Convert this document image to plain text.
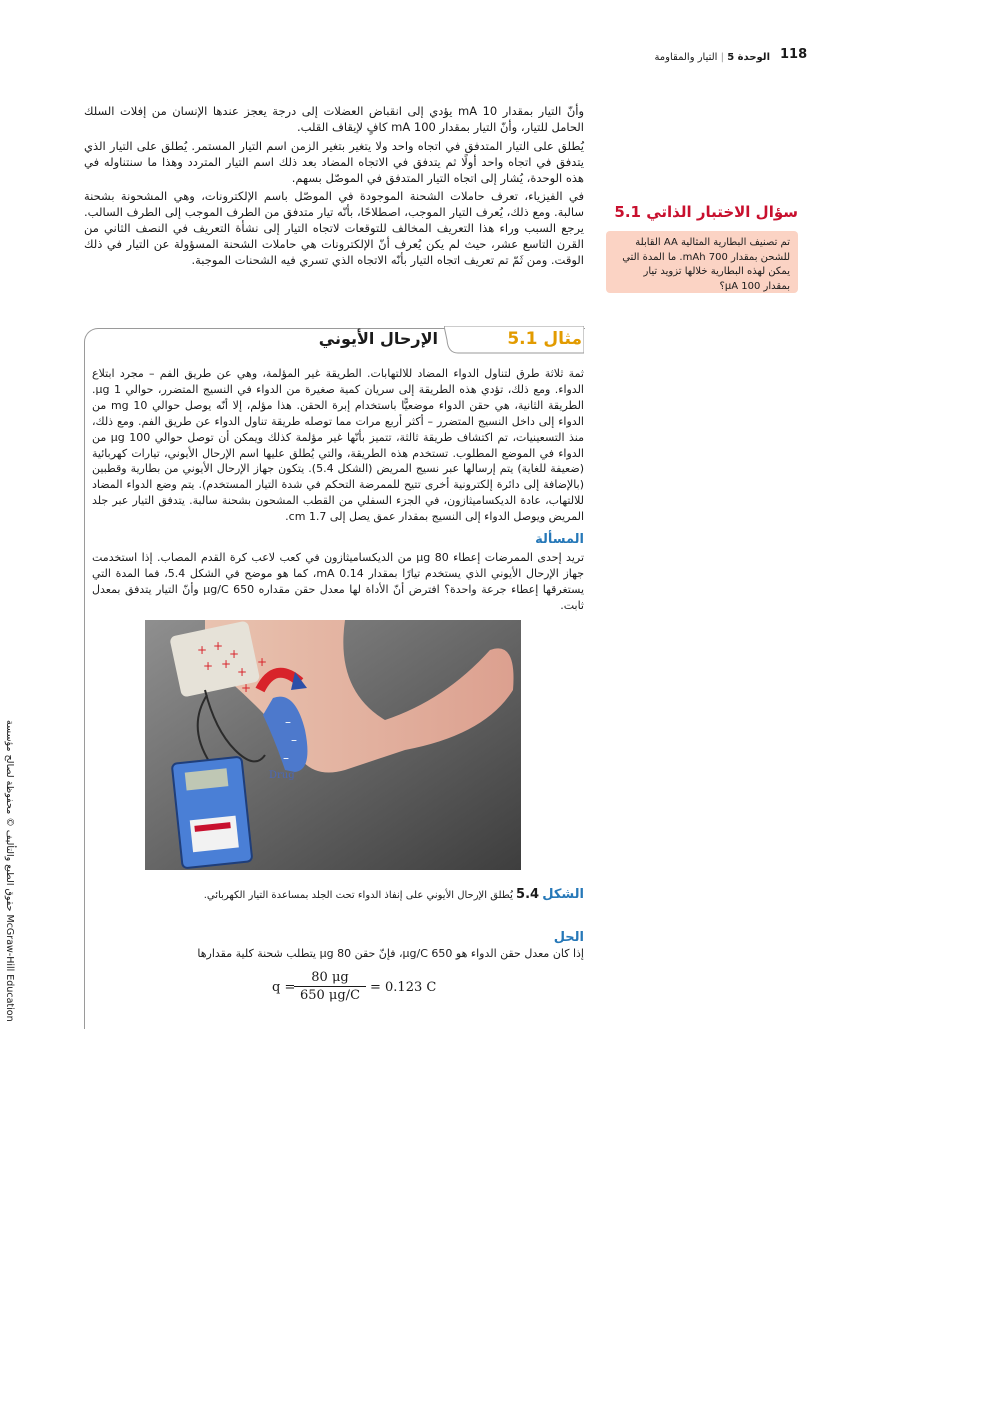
118
الوحدة 5 | التيار والمقاومة
حقوق الطبع والتأليف © محفوظة لصالح مؤسسة McGraw-Hill Education
وأنّ التيار بمقدار 10 mA يؤدي إلى انقباض العضلات إلى درجة يعجز عندها الإنسان من إفلات السلك الحامل للتيار، وأنّ التيار بمقدار 100 mA كافٍ لإيقاف القلب.
يُطلق على التيار المتدفق في اتجاه واحد ولا يتغير بتغير الزمن اسم التيار المستمر. يُطلق على التيار الذي يتدفق في اتجاه واحد أولًا ثم يتدفق في الاتجاه المضاد بعد ذلك اسم التيار المتردد وهذا ما سنتناوله في هذه الوحدة، يُشار إلى اتجاه التيار المتدفق في الموصّل بسهم.
في الفيزياء، تعرف حاملات الشحنة الموجودة في الموصّل باسم الإلكترونات، وهي المشحونة بشحنة سالبة. ومع ذلك، يُعرف التيار الموجب، اصطلاحًا، بأنّه تيار متدفق من الطرف الموجب إلى الطرف السالب. يرجع السبب وراء هذا التعريف المخالف للتوقعات لاتجاه التيار إلى نشأة التعريف في النصف الثاني من القرن التاسع عشر، حيث لم يكن يُعرف أنّ الإلكترونات هي حاملات الشحنة المسؤولة عن التيار في ذلك الوقت. ومن ثَمّ تم تعريف اتجاه التيار بأنّه الاتجاه الذي تسري فيه الشحنات الموجبة.
سؤال الاختبار الذاتي 5.1
تم تصنيف البطارية المثالية AA القابلة للشحن بمقدار 700 mAh. ما المدة التي يمكن لهذه البطارية خلالها تزويد تيار بمقدار 100 μA؟
مثال 5.1
الإرحال الأيوني
ثمة ثلاثة طرق لتناول الدواء المضاد للالتهابات. الطريقة غير المؤلمة، وهي عن طريق الفم – مجرد ابتلاع الدواء. ومع ذلك، تؤدي هذه الطريقة إلى سريان كمية صغيرة من الدواء في النسيج المتضرر، حوالي 1 μg. الطريقة الثانية، هي حقن الدواء موضعيًّا باستخدام إبرة الحقن. هذا مؤلم، إلا أنّه يوصل حوالي 10 mg من الدواء إلى داخل النسيج المتضرر – أكثر أربع مرات مما توصله طريقة تناول الدواء عن طريق الفم. ومع ذلك، منذ التسعينيات، تم اكتشاف طريقة ثالثة، تتميز بأنّها غير مؤلمة كذلك ويمكن أن توصل حوالي 100 μg من الدواء في الموضع المطلوب. تستخدم هذه الطريقة، والتي يُطلق عليها اسم الإرحال الأيوني، تيارات كهربائية (ضعيفة للغاية) يتم إرسالها عبر نسيج المريض (الشكل 5.4). يتكون جهاز الإرحال الأيوني من بطارية وقطبين (بالإضافة إلى دائرة إلكترونية أخرى تتيح للممرضة التحكم في شدة التيار المستخدم). يتم وضع الدواء المضاد للالتهاب، عادة الديكساميثازون، في الجزء السفلي من القطب المشحون بشحنة سالبة. يتدفق التيار عبر جلد المريض ويوصل الدواء إلى النسيج بمقدار عمق يصل إلى 1.7 cm.
المسألة
تريد إحدى الممرضات إعطاء 80 μg من الديكساميثازون في كعب لاعب كرة القدم المصاب. إذا استخدمت جهاز الإرحال الأيوني الذي يستخدم تيارًا بمقدار 0.14 mA، كما هو موضح في الشكل 5.4، فما المدة التي يستغرقها إعطاء جرعة واحدة؟ افترض أنّ الأداة لها معدل حقن مقداره 650 μg/C وأنّ التيار يتدفق بمعدل ثابت.
+ +
+
+ +
+
+
+
–
–
–
Drug
الشكل 5.4 يُطلق الإرحال الأيوني على إنفاذ الدواء تحت الجلد بمساعدة التيار الكهربائي.
الحل
إذا كان معدل حقن الدواء هو 650 μg/C، فإنّ حقن 80 μg يتطلب شحنة كلية مقدارها
q =
$\frac{80 \mu g}{650 \mu g/C} = 0.123$ C
